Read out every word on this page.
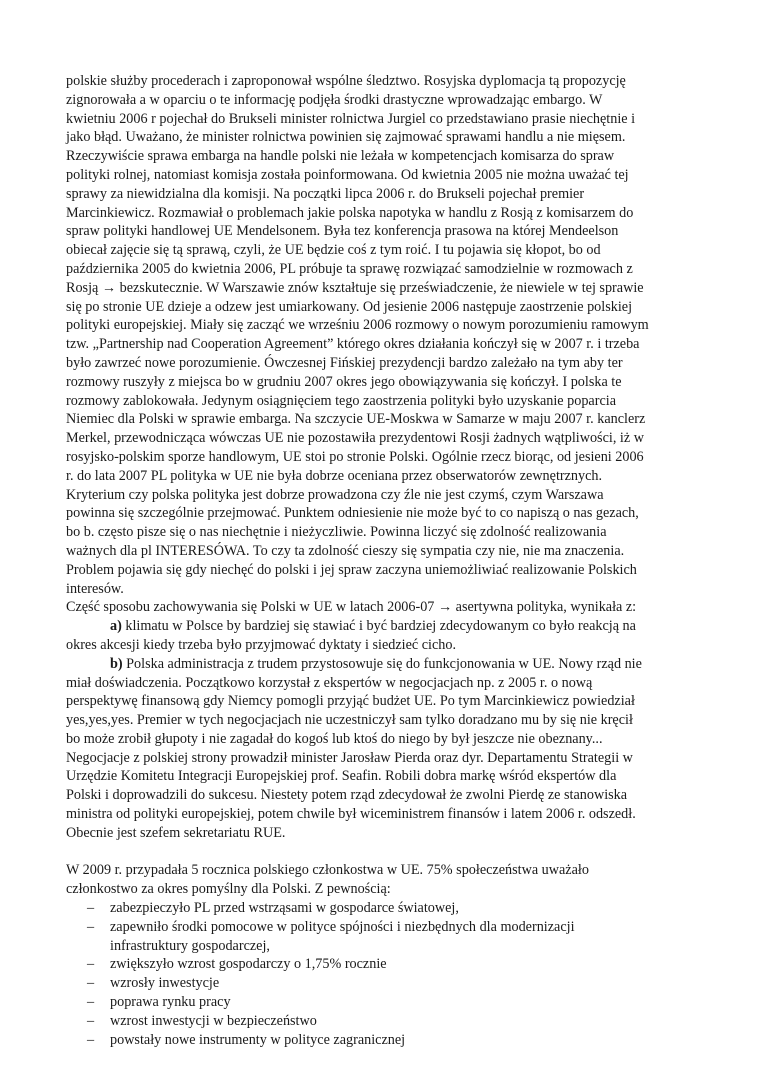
polskie służby procederach i zaproponował wspólne śledztwo. Rosyjska dyplomacja tą propozycję
zignorowała a w oparciu o te informację podjęła środki drastyczne wprowadzając embargo. W
kwietniu 2006 r pojechał do Brukseli minister rolnictwa Jurgiel co przedstawiano prasie niechętnie i
jako błąd. Uważano, że minister rolnictwa powinien się zajmować sprawami handlu a nie mięsem.
Rzeczywiście sprawa embarga na handle polski nie leżała w kompetencjach komisarza do spraw
polityki rolnej, natomiast komisja została poinformowana. Od kwietnia 2005 nie można uważać tej
sprawy za niewidzialna dla komisji. Na początki lipca 2006 r. do Brukseli pojechał premier
Marcinkiewicz. Rozmawiał o problemach jakie polska napotyka w handlu z Rosją z komisarzem do
spraw polityki handlowej UE Mendelsonem. Była tez konferencja prasowa na której Mendeelson
obiecał zajęcie się tą sprawą, czyli, że UE będzie coś z tym roić. I tu pojawia się kłopot, bo od
października 2005 do kwietnia 2006, PL próbuje ta sprawę rozwiązać samodzielnie w rozmowach z
Rosją → bezskutecznie. W Warszawie znów kształtuje się przeświadczenie, że niewiele w tej sprawie
się po stronie UE dzieje a odzew jest umiarkowany. Od jesienie 2006 następuje zaostrzenie polskiej
polityki europejskiej. Miały się zacząć we wrześniu 2006 rozmowy o nowym porozumieniu ramowym
tzw. „Partnership nad Cooperation Agreement” którego okres działania kończył się w 2007 r. i trzeba
było zawrzeć nowe porozumienie. Ówczesnej Fińskiej prezydencji bardzo zależało na tym aby ter
rozmowy ruszyły z miejsca bo w grudniu 2007 okres jego obowiązywania się kończył. I polska te
rozmowy zablokowała. Jedynym osiągnięciem tego zaostrzenia polityki było uzyskanie poparcia
Niemiec dla Polski w sprawie embarga. Na szczycie UE-Moskwa w Samarze w maju 2007 r. kanclerz
Merkel, przewodnicząca wówczas UE nie pozostawiła prezydentowi Rosji żadnych wątpliwości, iż w
rosyjsko-polskim sporze handlowym, UE stoi po stronie Polski. Ogólnie rzecz biorąc, od jesieni 2006
r. do lata 2007 PL polityka w UE nie była dobrze oceniana przez obserwatorów zewnętrznych.
Kryterium czy polska polityka jest dobrze prowadzona czy źle nie jest czymś, czym Warszawa
powinna się szczególnie przejmować. Punktem odniesienie nie może być to co napiszą o nas gezach,
bo b. często pisze się o nas niechętnie i nieżyczliwie. Powinna liczyć się zdolność realizowania
ważnych dla pl INTERESÓWA. To czy ta zdolność cieszy się sympatia czy nie, nie ma znaczenia.
Problem pojawia się gdy niechęć do polski i jej spraw zaczyna uniemożliwiać realizowanie Polskich
interesów.
Część sposobu zachowywania się Polski w UE w latach 2006-07 → asertywna polityka, wynikała z:
a) klimatu w Polsce by bardziej się stawiać i być bardziej zdecydowanym co było reakcją na
okres akcesji kiedy trzeba było przyjmować dyktaty i siedzieć cicho.
b) Polska administracja z trudem przystosowuje się do funkcjonowania w UE. Nowy rząd nie
miał doświadczenia. Początkowo korzystał z ekspertów w negocjacjach np. z 2005 r. o nową
perspektywę finansową gdy Niemcy pomogli przyjąć budżet UE. Po tym Marcinkiewicz powiedział
yes,yes,yes. Premier w tych negocjacjach nie uczestniczył sam tylko doradzano mu by się nie kręcił
bo może zrobił głupoty i nie zagadał do kogoś lub ktoś do niego by był jeszcze nie obeznany...
Negocjacje z polskiej strony prowadził minister Jarosław Pierda oraz dyr. Departamentu Strategii w
Urzędzie Komitetu Integracji Europejskiej prof. Seafin. Robili dobra markę wśród ekspertów dla
Polski i doprowadzili do sukcesu. Niestety potem rząd zdecydował że zwolni Pierdę ze stanowiska
ministra od polityki europejskiej, potem chwile był wiceministrem finansów i latem 2006 r. odszedł.
Obecnie jest szefem sekretariatu RUE.
W 2009 r. przypadała 5 rocznica polskiego członkostwa w UE. 75% społeczeństwa uważało
członkostwo za okres pomyślny dla Polski. Z pewnością:
– zabezpieczyło PL przed wstrząsami w gospodarce światowej,
– zapewniło środki pomocowe w polityce spójności i niezbędnych dla modernizacji
infrastruktury gospodarczej,
– zwiększyło wzrost gospodarczy o 1,75% rocznie
– wzrosły inwestycje
– poprawa rynku pracy
– wzrost inwestycji w bezpieczeństwo
– powstały nowe instrumenty w polityce zagranicznej
